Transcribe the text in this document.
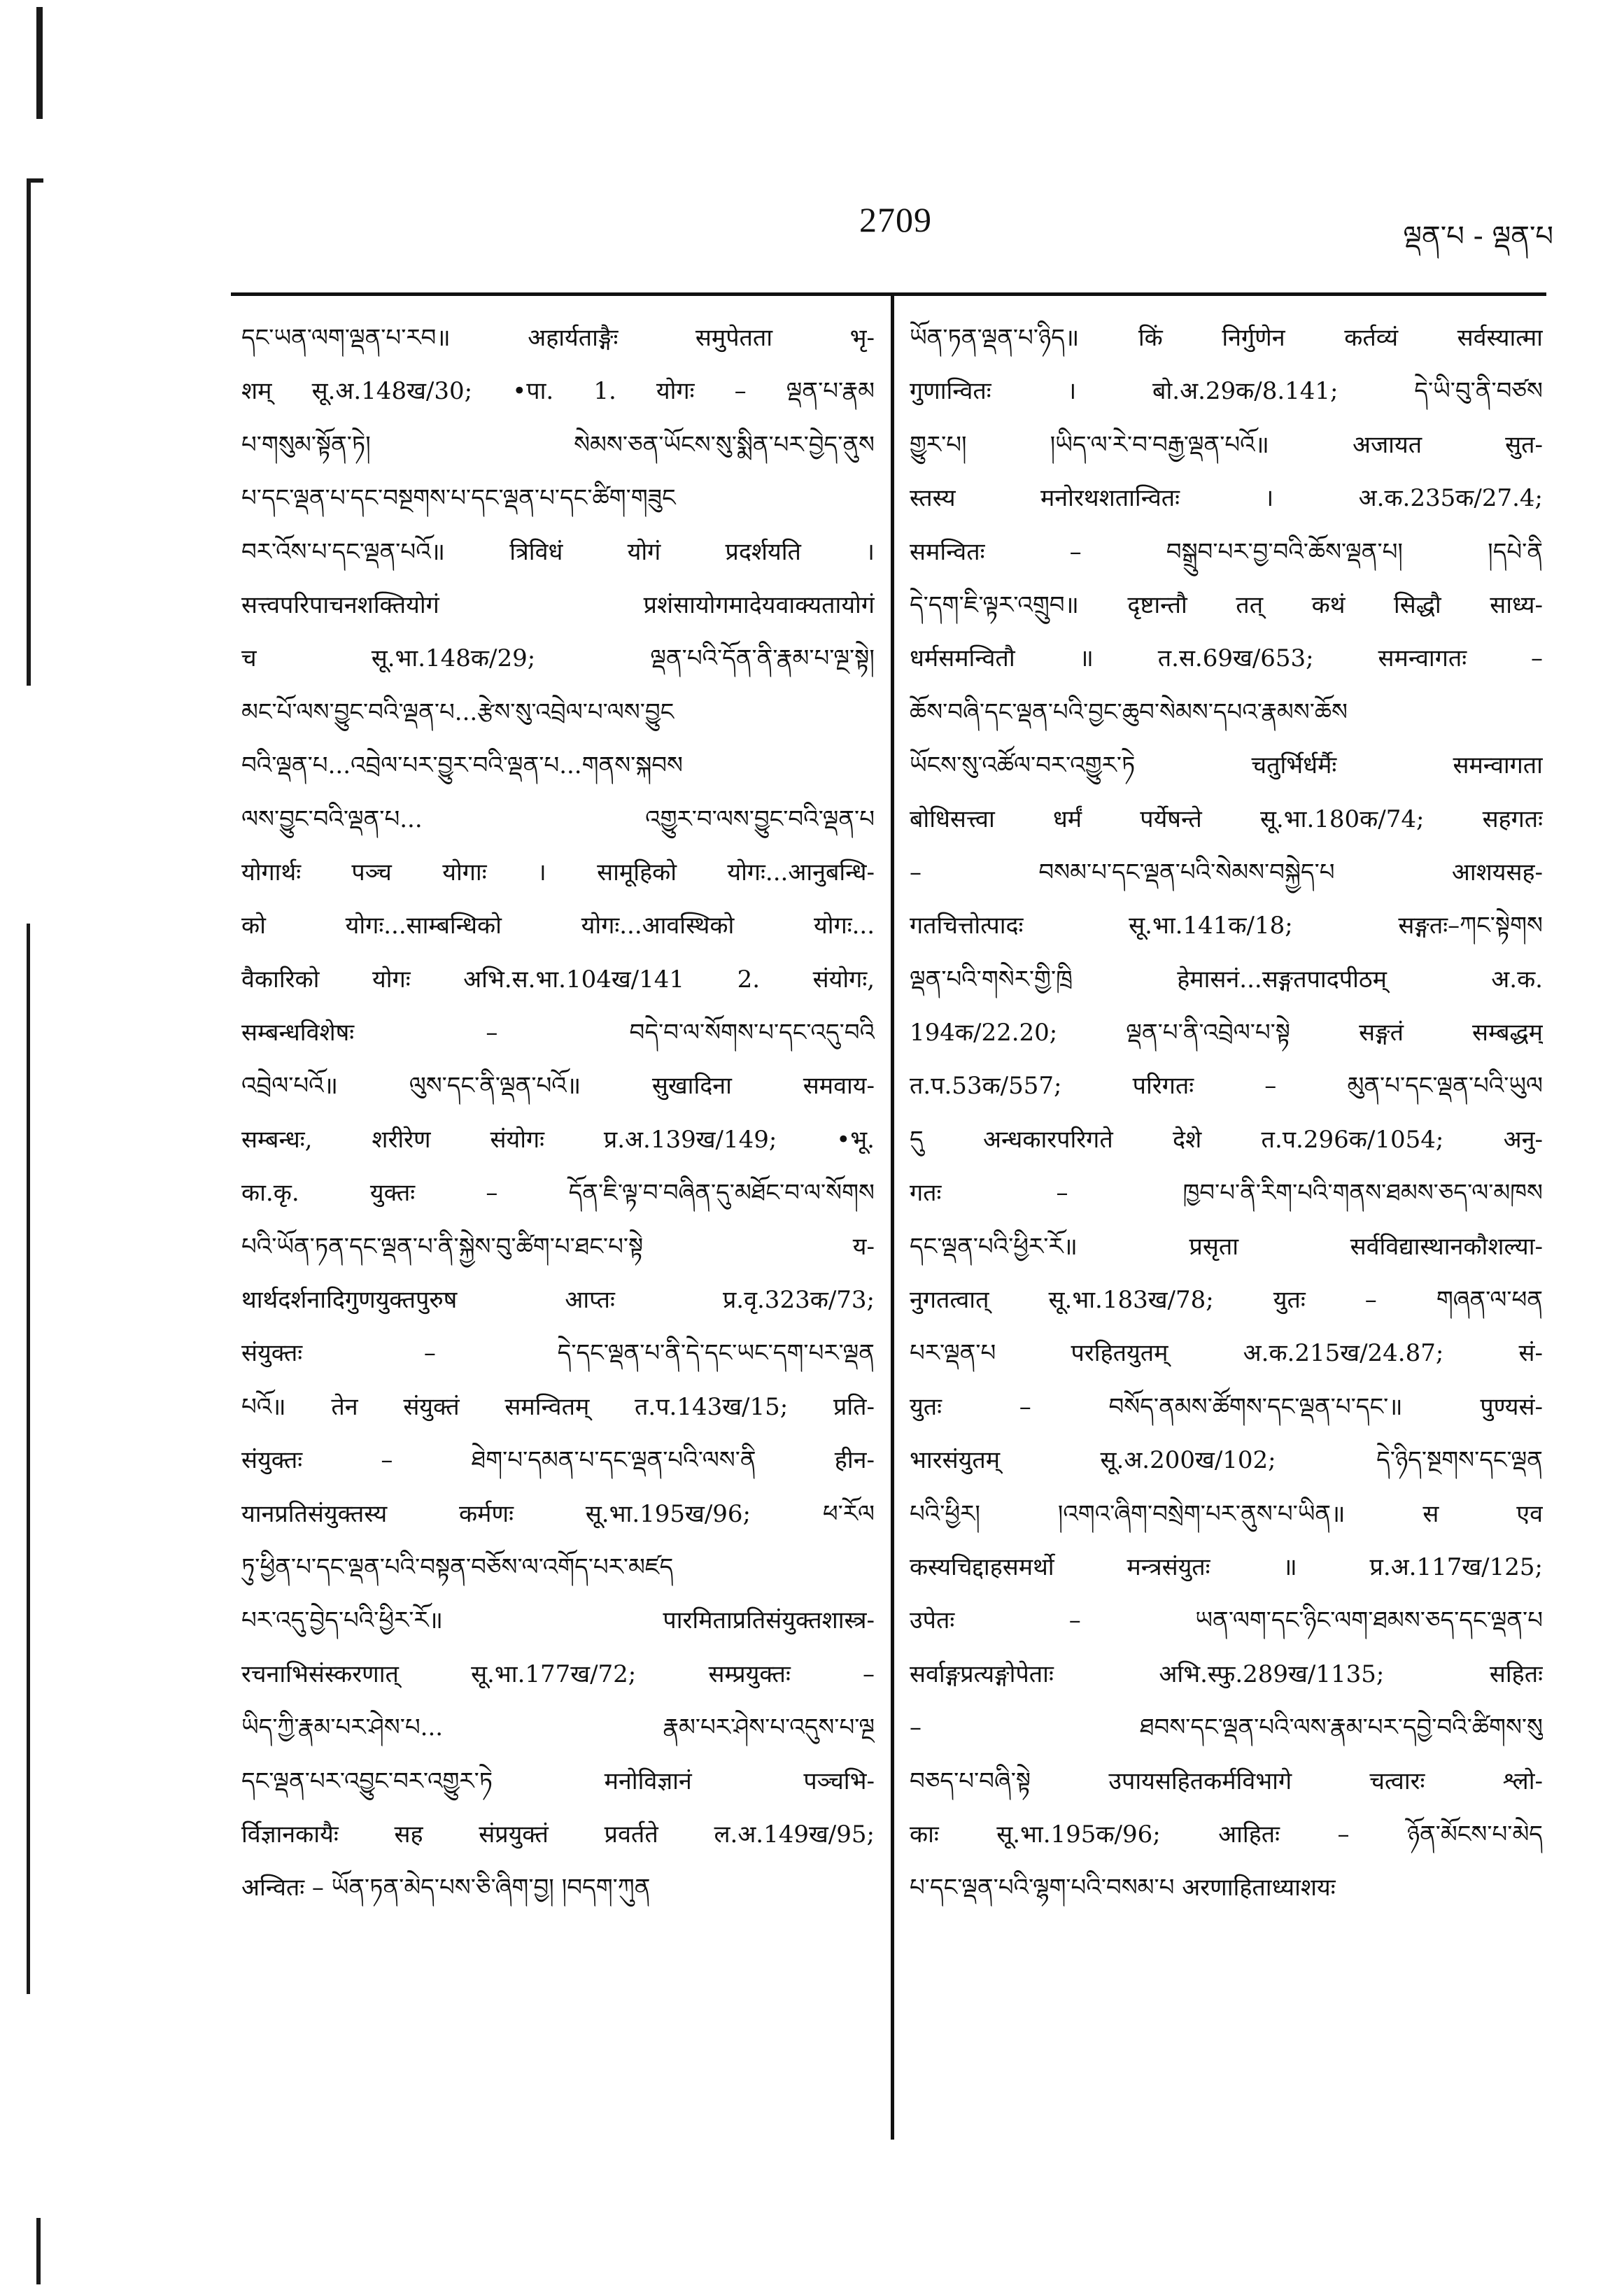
2709	ལྡན་པ - ལྡན་པ
དང་ཡན་ལག་ལྡན་པ་རབ॥ अहार्यताङ्गैः समुपेतता भृ-
शम् सू.अ.148ख/30; •पा. 1. योगः – ལྡན་པ་རྣམ
པ་གསུམ་སྟོན་ཏེ། སེམས་ཅན་ཡོངས་སུ་སྨིན་པར་བྱེད་ནུས
པ་དང་ལྡན་པ་དང་བསྔགས་པ་དང་ལྡན་པ་དང་ཚིག་གཟུང
བར་འོས་པ་དང་ལྡན་པའོ॥ त्रिविधं योगं प्रदर्शयति ।
सत्त्वपरिपाचनशक्तियोगं प्रशंसायोगमादेयवाक्यतायोगं
च सू.भा.148क/29; ལྡན་པའི་དོན་ནི་རྣམ་པ་ལྔ་སྟེ།
མང་པོ་ལས་བྱུང་བའི་ལྡན་པ...རྩེས་སུ་འབྲེལ་པ་ལས་བྱུང
བའི་ལྡན་པ...འབྲེལ་པར་བྱུར་བའི་ལྡན་པ...གནས་སྐབས
ལས་བྱུང་བའི་ལྡན་པ... འགྱུར་བ་ལས་བྱུང་བའི་ལྡན་པ
योगार्थः पञ्च योगाः । सामूहिको योगः...आनुबन्धि-
को योगः...साम्बन्धिको योगः...आवस्थिको योगः...
वैकारिको योगः अभि.स.भा.104ख/141 2. संयोगः,
सम्बन्धविशेषः – བདེ་བ་ལ་སོགས་པ་དང་འདུ་བའི
འབྲེལ་པའོ॥ ལུས་དང་ནི་ལྡན་པའོ॥ सुखादिना समवाय-
सम्बन्धः, शरीरेण संयोगः प्र.अ.139ख/149; •भू.
का.कृ. युक्तः – དོན་ཇི་ལྟ་བ་བཞིན་དུ་མཐོང་བ་ལ་སོགས
པའི་ཡོན་ཏན་དང་ལྡན་པ་ནི་སྐྱེས་བུ་ཚིག་པ་ཐང་པ་སྟེ य-
थार्थदर्शनादिगुणयुक्तपुरुष आप्तः प्र.वृ.323क/73;
संयुक्तः – དེ་དང་ལྡན་པ་ནི་དེ་དང་ཡང་དག་པར་ལྡན
པའོ॥ तेन संयुक्तं समन्वितम् त.प.143ख/15; प्रति-
संयुक्तः – ཐེག་པ་དམན་པ་དང་ལྡན་པའི་ལས་ནི हीन-
यानप्रतिसंयुक्तस्य कर्मणः सू.भा.195ख/96; ཕ་རོལ
ཏུ་ཕྱིན་པ་དང་ལྡན་པའི་བསྟན་བཅོས་ལ་འགོད་པར་མཛད
པར་འདུ་བྱེད་པའི་ཕྱིར་རོ॥ पारमिताप्रतिसंयुक्तशास्त्र-
रचनाभिसंस्करणात् सू.भा.177ख/72; सम्प्रयुक्तः –
ཡིད་ཀྱི་རྣམ་པར་ཤེས་པ... རྣམ་པར་ཤེས་པ་འདུས་པ་ལྔ
དང་ལྡན་པར་འབྱུང་བར་འགྱུར་ཏེ मनोविज्ञानं पञ्चभि-
र्विज्ञानकायैः सह संप्रयुक्तं प्रवर्तते ल.अ.149ख/95;
अन्वितः – ཡོན་ཏན་མེད་པས་ཅི་ཞིག་བྱ། །བདག་ཀུན
ཡོན་ཏན་ལྡན་པ་ཉིད॥ किं निर्गुणेन कर्तव्यं सर्वस्यात्मा
गुणान्वितः । बो.अ.29क/8.141; དེ་ཡི་བུ་ནི་བཙས
གྱུར་པ། །ཡིད་ལ་རེ་བ་བརྒྱ་ལྡན་པའོ॥ अजायत सुत-
स्तस्य मनोरथशतान्वितः । अ.क.235क/27.4;
समन्वितः – བསྒྲུབ་པར་བྱ་བའི་ཆོས་ལྡན་པ། །དཔེ་ནི
དེ་དག་ཇི་ལྟར་འགྲུབ॥ दृष्टान्तौ तत् कथं सिद्धौ साध्य-
धर्मसमन्वितौ ॥ त.स.69ख/653; समन्वागतः –
ཆོས་བཞི་དང་ལྡན་པའི་བྱང་ཆུབ་སེམས་དཔའ་རྣམས་ཆོས
ཡོངས་སུ་འཚོལ་བར་འགྱུར་ཏེ चतुर्भिर्धर्मैः समन्वागता
बोधिसत्त्वा धर्मं पर्येषन्ते सू.भा.180क/74; सहगतः
– བསམ་པ་དང་ལྡན་པའི་སེམས་བསྐྱེད་པ आशयसह-
गतचित्तोत्पादः सू.भा.141क/18; सङ्गतः–ཀང་སྟེགས
ལྡན་པའི་གསེར་གྱི་ཁྲི हेमासनं...सङ्गतपादपीठम् अ.क.
194क/22.20; ལྡན་པ་ནི་འབྲེལ་པ་སྟེ सङ्गतं सम्बद्धम्
त.प.53क/557; परिगतः – མུན་པ་དང་ལྡན་པའི་ཡུལ
དུ अन्धकारपरिगते देशे त.प.296क/1054; अनु-
गतः – ཁྱབ་པ་ནི་རིག་པའི་གནས་ཐམས་ཅད་ལ་མཁས
དང་ལྡན་པའི་ཕྱིར་རོ॥ प्रसृता सर्वविद्यास्थानकौशल्या-
नुगतत्वात् सू.भा.183ख/78; युतः – གཞན་ལ་ཕན
པར་ལྡན་པ परहितयुतम् अ.क.215ख/24.87; सं-
युतः – བསོད་ནམས་ཚོགས་དང་ལྡན་པ་དང་॥ पुण्यसं-
भारसंयुतम् सू.अ.200ख/102; དེ་ཉིད་སྔགས་དང་ལྡན
པའི་ཕྱིར། །འགའ་ཞིག་བསྲེག་པར་ནུས་པ་ཡིན॥ स एव
कस्यचिद्दाहसमर्थो मन्त्रसंयुतः ॥ प्र.अ.117ख/125;
उपेतः – ཡན་ལག་དང་ཉིང་ལག་ཐམས་ཅད་དང་ལྡན་པ
सर्वाङ्गप्रत्यङ्गोपेताः अभि.स्फु.289ख/1135; सहितः
– ཐབས་དང་ལྡན་པའི་ལས་རྣམ་པར་དབྱེ་བའི་ཚིགས་སུ
བཅད་པ་བཞི་སྟེ उपायसहितकर्मविभागे चत्वारः श्लो-
काः सू.भा.195क/96; आहितः – ཉོན་མོངས་པ་མེད
པ་དང་ལྡན་པའི་ལྷག་པའི་བསམ་པ अरणाहिताध्याशयः
